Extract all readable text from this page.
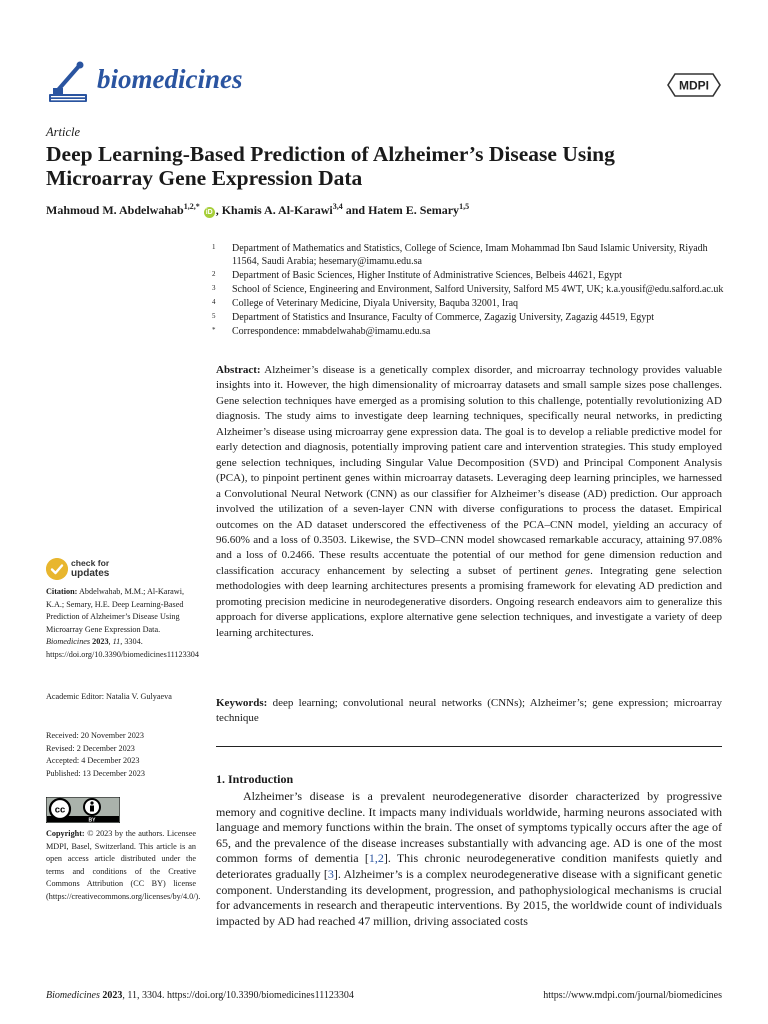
biomedicines	MDPI
Article
Deep Learning-Based Prediction of Alzheimer’s Disease Using Microarray Gene Expression Data
Mahmoud M. Abdelwahab$^{1,2,*}$ iD , Khamis A. Al-Karawi$^{3,4}$ and Hatem E. Semary$^{1,5}$
1 Department of Mathematics and Statistics, College of Science, Imam Mohammad Ibn Saud Islamic University, Riyadh 11564, Saudi Arabia; hesemary@imamu.edu.sa
2 Department of Basic Sciences, Higher Institute of Administrative Sciences, Belbeis 44621, Egypt
3 School of Science, Engineering and Environment, Salford University, Salford M5 4WT, UK; k.a.yousif@edu.salford.ac.uk
4 College of Veterinary Medicine, Diyala University, Baquba 32001, Iraq
5 Department of Statistics and Insurance, Faculty of Commerce, Zagazig University, Zagazig 44519, Egypt
* Correspondence: mmabdelwahab@imamu.edu.sa
Abstract: Alzheimer’s disease is a genetically complex disorder, and microarray technology provides valuable insights into it. However, the high dimensionality of microarray datasets and small sample sizes pose challenges. Gene selection techniques have emerged as a promising solution to this challenge, potentially revolutionizing AD diagnosis. The study aims to investigate deep learning techniques, specifically neural networks, in predicting Alzheimer’s disease using microarray gene expression data. The goal is to develop a reliable predictive model for early detection and diagnosis, potentially improving patient care and intervention strategies. This study employed gene selection techniques, including Singular Value Decomposition (SVD) and Principal Component Analysis (PCA), to pinpoint pertinent genes within microarray datasets. Leveraging deep learning principles, we harnessed a Convolutional Neural Network (CNN) as our classifier for Alzheimer’s disease (AD) prediction. Our approach involved the utilization of a seven-layer CNN with diverse configurations to process the dataset. Empirical outcomes on the AD dataset underscored the effectiveness of the PCA–CNN model, yielding an accuracy of 96.60% and a loss of 0.3503. Likewise, the SVD–CNN model showcased remarkable accuracy, attaining 97.08% and a loss of 0.2466. These results accentuate the potential of our method for gene dimension reduction and classification accuracy enhancement by selecting a subset of pertinent genes. Integrating gene selection methodologies with deep learning architectures presents a promising framework for elevating AD prediction and promoting precision medicine in neurodegenerative disorders. Ongoing research endeavors aim to generalize this approach for diverse applications, explore alternative gene selection techniques, and investigate a variety of deep learning architectures.
Keywords: deep learning; convolutional neural networks (CNNs); Alzheimer’s; gene expression; microarray technique
1. Introduction
Alzheimer’s disease is a prevalent neurodegenerative disorder characterized by progressive memory and cognitive decline. It impacts many individuals worldwide, harming neurons associated with language and memory functions within the brain. The onset of symptoms typically occurs after the age of 65, and the prevalence of the disease increases substantially with advancing age. AD is one of the most common forms of dementia [1,2]. This chronic neurodegenerative condition manifests quietly and deteriorates gradually [3]. Alzheimer’s is a complex neurodegenerative disease with a significant genetic component. Understanding its development, progression, and pathophysiological mechanisms is crucial for advancements in research and therapeutic interventions. By 2015, the worldwide count of individuals impacted by AD had reached 47 million, driving associated costs
check for
updates
Citation: Abdelwahab, M.M.; Al-Karawi, K.A.; Semary, H.E. Deep Learning-Based Prediction of Alzheimer’s Disease Using Microarray Gene Expression Data. Biomedicines 2023, 11, 3304. https://doi.org/10.3390/biomedicines11123304
Academic Editor: Natalia V. Gulyaeva
Received: 20 November 2023
Revised: 2 December 2023
Accepted: 4 December 2023
Published: 13 December 2023
cc
BY
Copyright: © 2023 by the authors. Licensee MDPI, Basel, Switzerland. This article is an open access article distributed under the terms and conditions of the Creative Commons Attribution (CC BY) license (https://creativecommons.org/licenses/by/4.0/).
Biomedicines 2023, 11, 3304. https://doi.org/10.3390/biomedicines11123304	https://www.mdpi.com/journal/biomedicines
